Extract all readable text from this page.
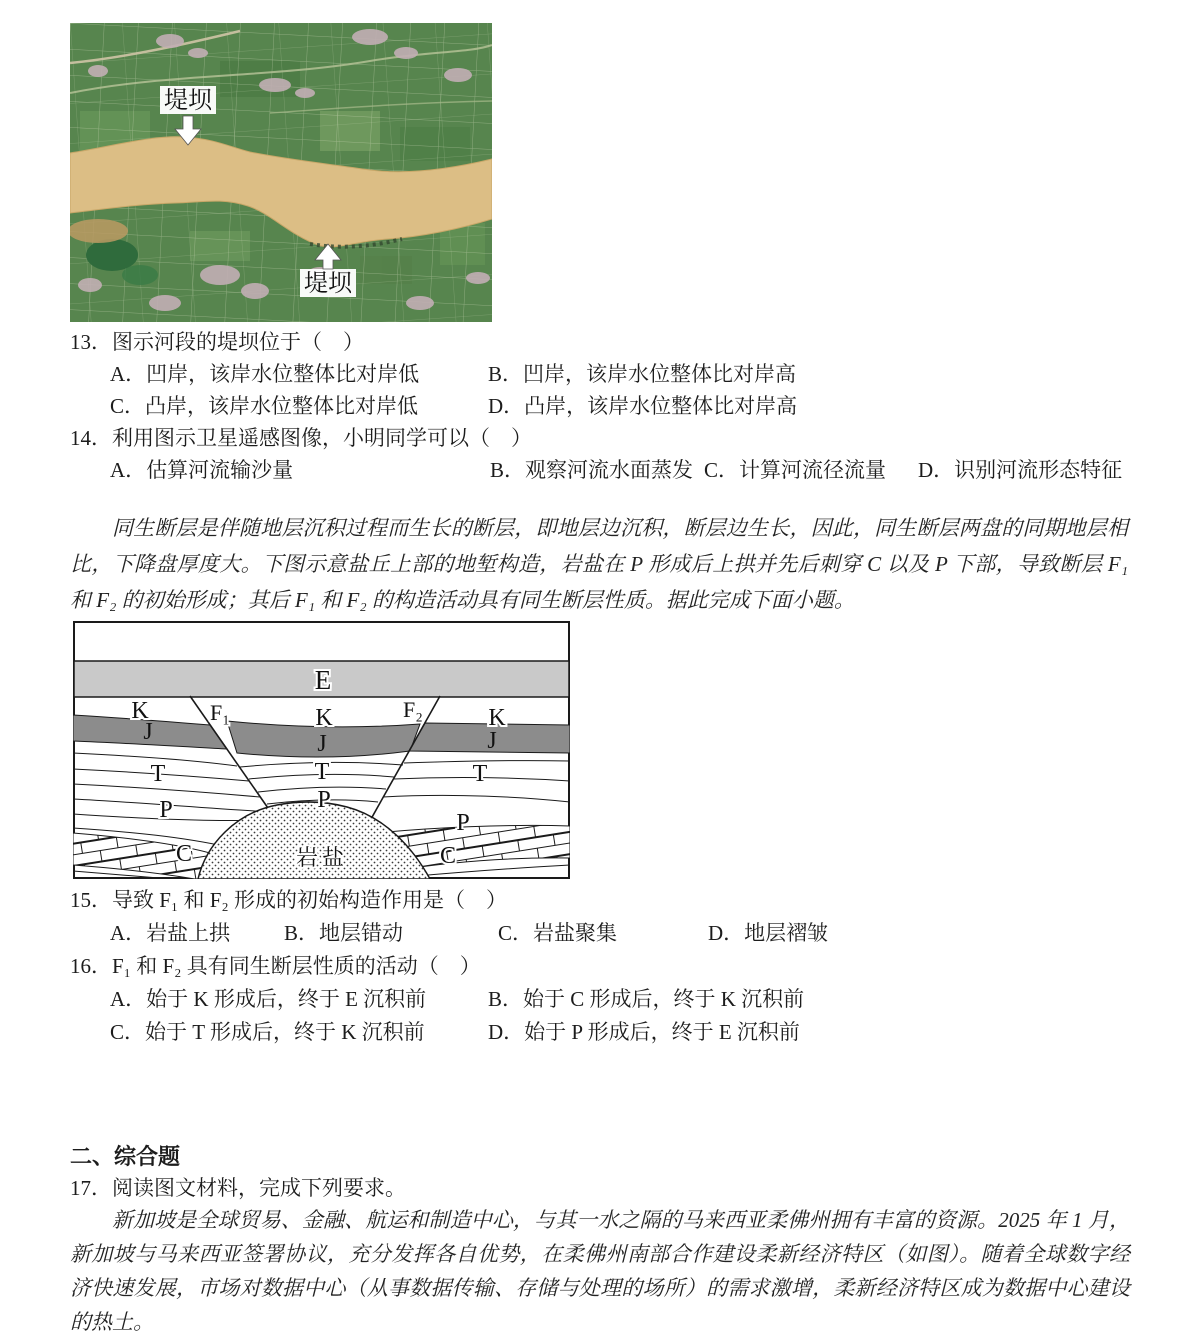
堤坝
堤坝
13．图示河段的堤坝位于（　）
A．凹岸，该岸水位整体比对岸低	B．凹岸，该岸水位整体比对岸高
C．凸岸，该岸水位整体比对岸低	D．凸岸，该岸水位整体比对岸高
14．利用图示卫星遥感图像，小明同学可以（　）
A．估算河流输沙量	B．观察河流水面蒸发 C．计算河流径流量 D．识别河流形态特征
同生断层是伴随地层沉积过程而生长的断层，即地层边沉积，断层边生长，因此，同生断层两盘的同期地层相比，下降盘厚度大。下图示意盐丘上部的地堑构造，岩盐在 P 形成后上拱并先后刺穿 C 以及 P 下部，导致断层 F₁ 和 F₂ 的初始形成；其后 F₁ 和 F₂ 的构造活动具有同生断层性质。据此完成下面小题。
E
K	K	K
F₁	F₂
J	J	J
T	T	T
P	P
P
C	C
岩盐
15．导致 F₁ 和 F₂ 形成的初始构造作用是（　）
A．岩盐上拱	B．地层错动	C．岩盐聚集	D．地层褶皱
16．F₁ 和 F₂ 具有同生断层性质的活动（　）
A．始于 K 形成后，终于 E 沉积前	B．始于 C 形成后，终于 K 沉积前
C．始于 T 形成后，终于 K 沉积前	D．始于 P 形成后，终于 E 沉积前
二、综合题
17．阅读图文材料，完成下列要求。
新加坡是全球贸易、金融、航运和制造中心，与其一水之隔的马来西亚柔佛州拥有丰富的资源。2025 年 1 月，新加坡与马来西亚签署协议，充分发挥各自优势，在柔佛州南部合作建设柔新经济特区（如图）。随着全球数字经济快速发展，市场对数据中心（从事数据传输、存储与处理的场所）的需求激增，柔新经济特区成为数据中心建设的热土。
